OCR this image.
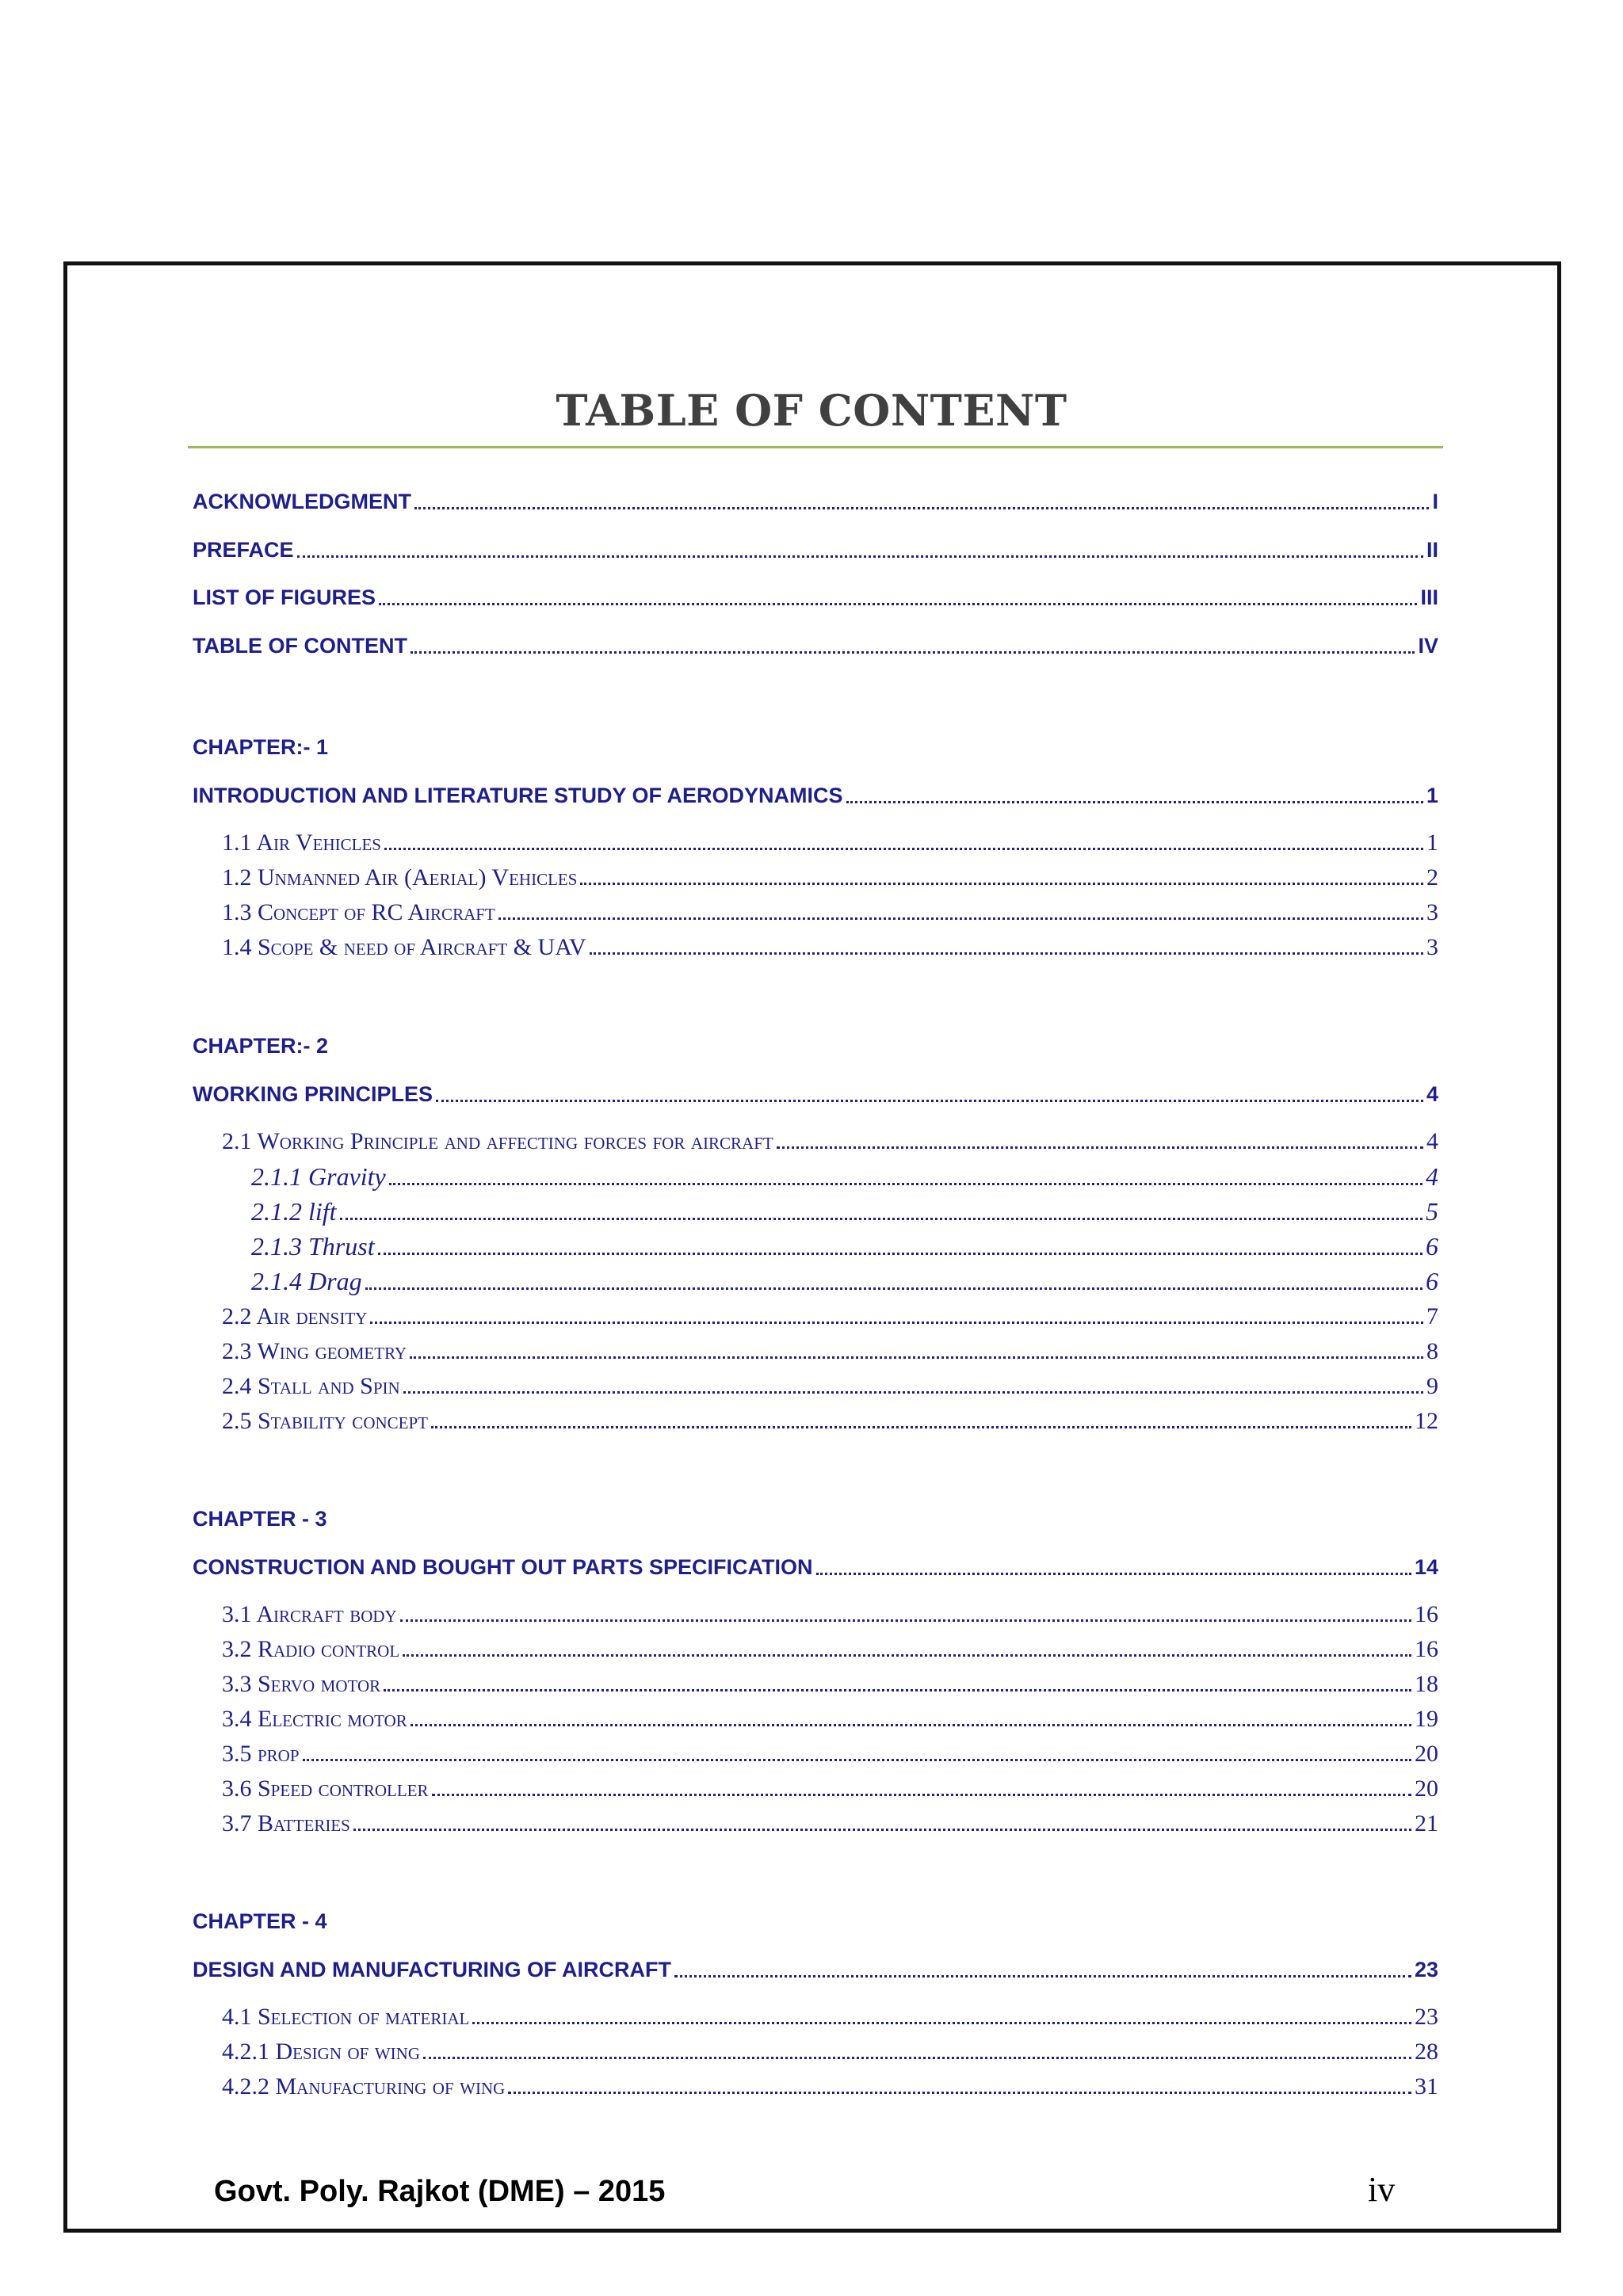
TABLE OF CONTENT
ACKNOWLEDGMENT	I
PREFACE	II
LIST OF FIGURES	III
TABLE OF CONTENT	IV
CHAPTER:- 1
INTRODUCTION AND LITERATURE STUDY OF AERODYNAMICS	1
1.1 Air Vehicles	1
1.2 Unmanned Air (Aerial) Vehicles	2
1.3 Concept of RC Aircraft	3
1.4 Scope & need of Aircraft & UAV	3
CHAPTER:- 2
WORKING PRINCIPLES	4
2.1 Working Principle and affecting forces for aircraft	4
2.1.1 Gravity	4
2.1.2 lift	5
2.1.3 Thrust	6
2.1.4 Drag	6
2.2 Air density	7
2.3 Wing geometry	8
2.4 Stall and Spin	9
2.5 Stability concept	12
CHAPTER - 3
CONSTRUCTION AND BOUGHT OUT PARTS SPECIFICATION	14
3.1 Aircraft body	16
3.2 Radio control	16
3.3 Servo motor	18
3.4 Electric motor	19
3.5 prop	20
3.6 Speed controller	20
3.7 Batteries	21
CHAPTER - 4
DESIGN AND MANUFACTURING OF AIRCRAFT	23
4.1 Selection of material	23
4.2.1 Design of wing	28
4.2.2 Manufacturing of wing	31
Govt. Poly. Rajkot (DME) – 2015	iv
